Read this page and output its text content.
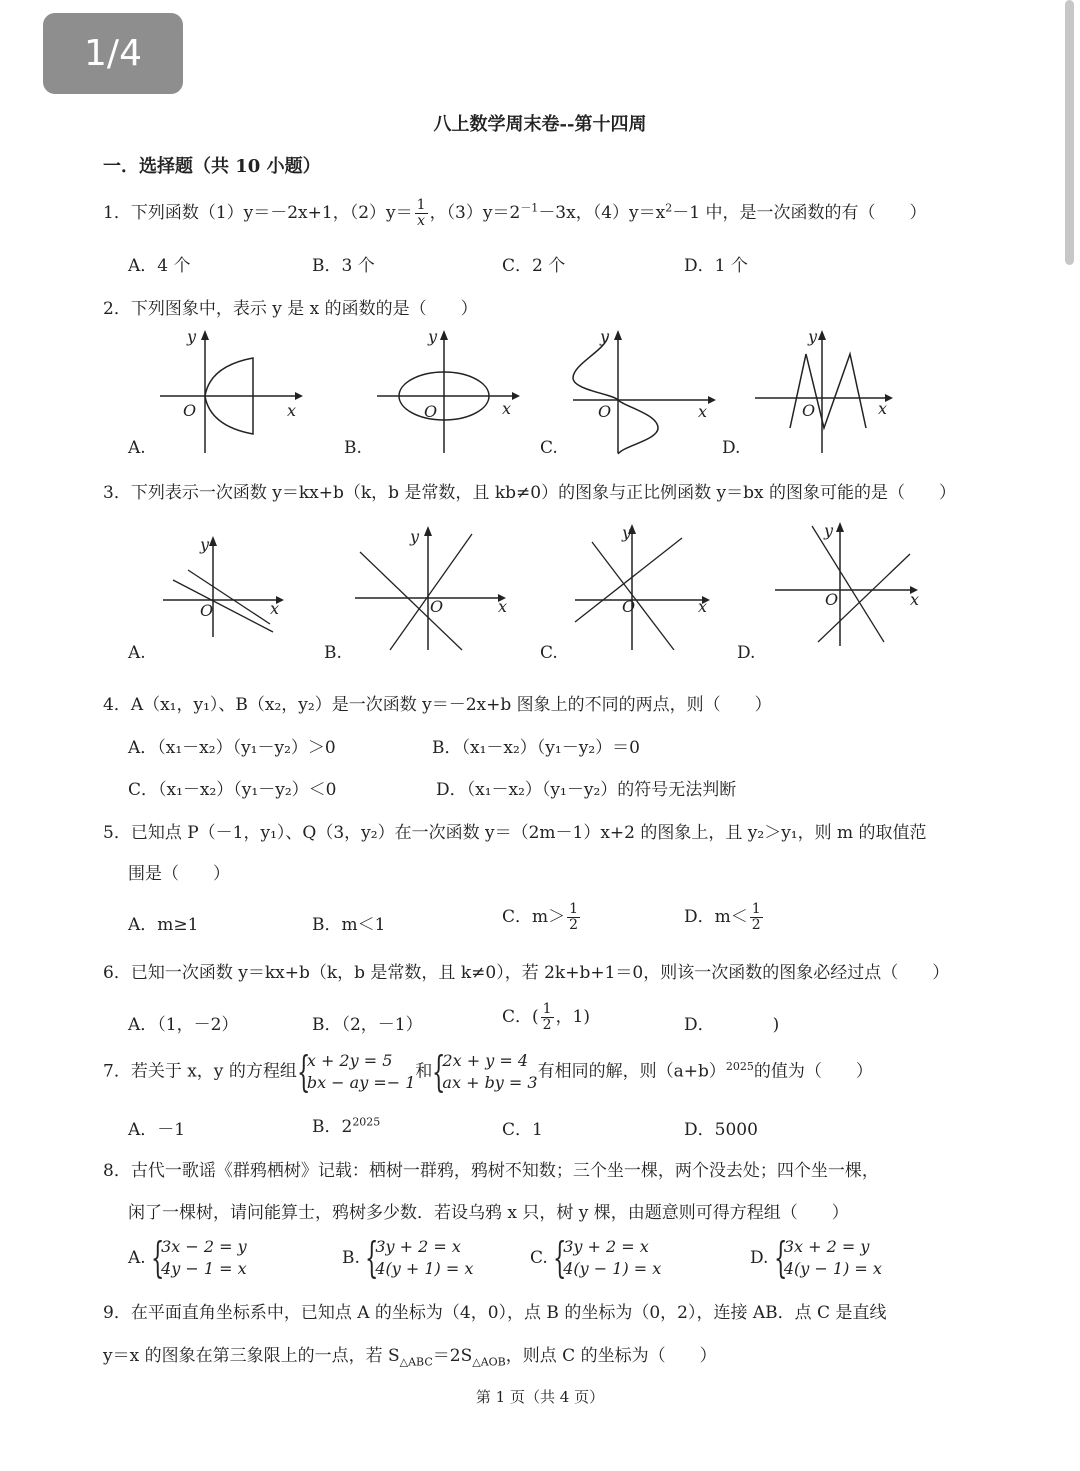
1/4
八上数学周末卷--第十四周
一．选择题（共 10 小题）
1．下列函数（1）y＝－2x+1，$(2)y= \frac{1}{x}$ ，$(3)y=2^{-1}-3x$，$(4)y=x^2-1$ 中，是一次函数的有（　　）
A．4 个	B．3 个	C．2 个	D．1 个
2．下列图象中，表示 y 是 x 的函数的是（　　）
y
O	x
A.
y
O	x
B.
y
O	x
C.
y
O	x
D.
3．下列表示一次函数 y＝kx+b（k，b 是常数，且 kb≠0）的图象与正比例函数 y＝bx 的图象可能的是（　　）
y
O	x
A.
y
O	x
B.
y
O	x
C.
y
O	x
D.
4．A（x₁，y₁）、B（x₂，y₂）是一次函数 y＝－2x+b 图象上的不同的两点，则（　　）
A．（x₁－x₂）（y₁－y₂）＞0	B．（x₁－x₂）（y₁－y₂）＝0
C．（x₁－x₂）（y₁－y₂）＜0	D．（x₁－x₂）（y₁－y₂）的符号无法判断
5．已知点 P（－1，y₁）、Q（3，y₂）在一次函数 y＝（2m－1）x+2 的图象上，且 y₂＞y₁，则 m 的取值范
围是（　　）
A．m≥1	B．m＜1	C．$m> \frac{1}{2}$	D．$m< \frac{1}{2}$
6．已知一次函数 y＝kx+b（k，b 是常数，且 k≠0），若 2k+b+1＝0，则该一次函数的图象必经过点（　　）
A．（1，－2）	B．（2，－1）	C．( $\frac{1}{2}$ ，1)	D．	)
7．若关于 x，y 的方程组 {
x + 2y = 5
bx − ay =− 1
和 {
2x + y = 4
ax + by = 3
有相同的解，则$(a+b)^{2025}$的值为（　　）
A．－1	B．$2^{2025}$	C．1	D．5000
8．古代一歌谣《群鸦栖树》记载：栖树一群鸦，鸦树不知数；三个坐一棵，两个没去处；四个坐一棵，
闲了一棵树，请问能算士，鸦树多少数．若设乌鸦 x 只，树 y 棵，由题意则可得方程组（　　）
A. {
3x − 2 = y
4y − 1 = x
B. {
3y + 2 = x
4(y + 1) = x
C. {
3y + 2 = x
4(y − 1) = x
D. {
3x + 2 = y
4(y − 1) = x
9．在平面直角坐标系中，已知点 A 的坐标为（4，0），点 B 的坐标为（0，2），连接 AB．点 C 是直线
y＝x 的图象在第三象限上的一点，若 $S_{\triangle ABC}=2S_{\triangle AOB}$，则点 C 的坐标为（　　）
第 1 页（共 4 页）
